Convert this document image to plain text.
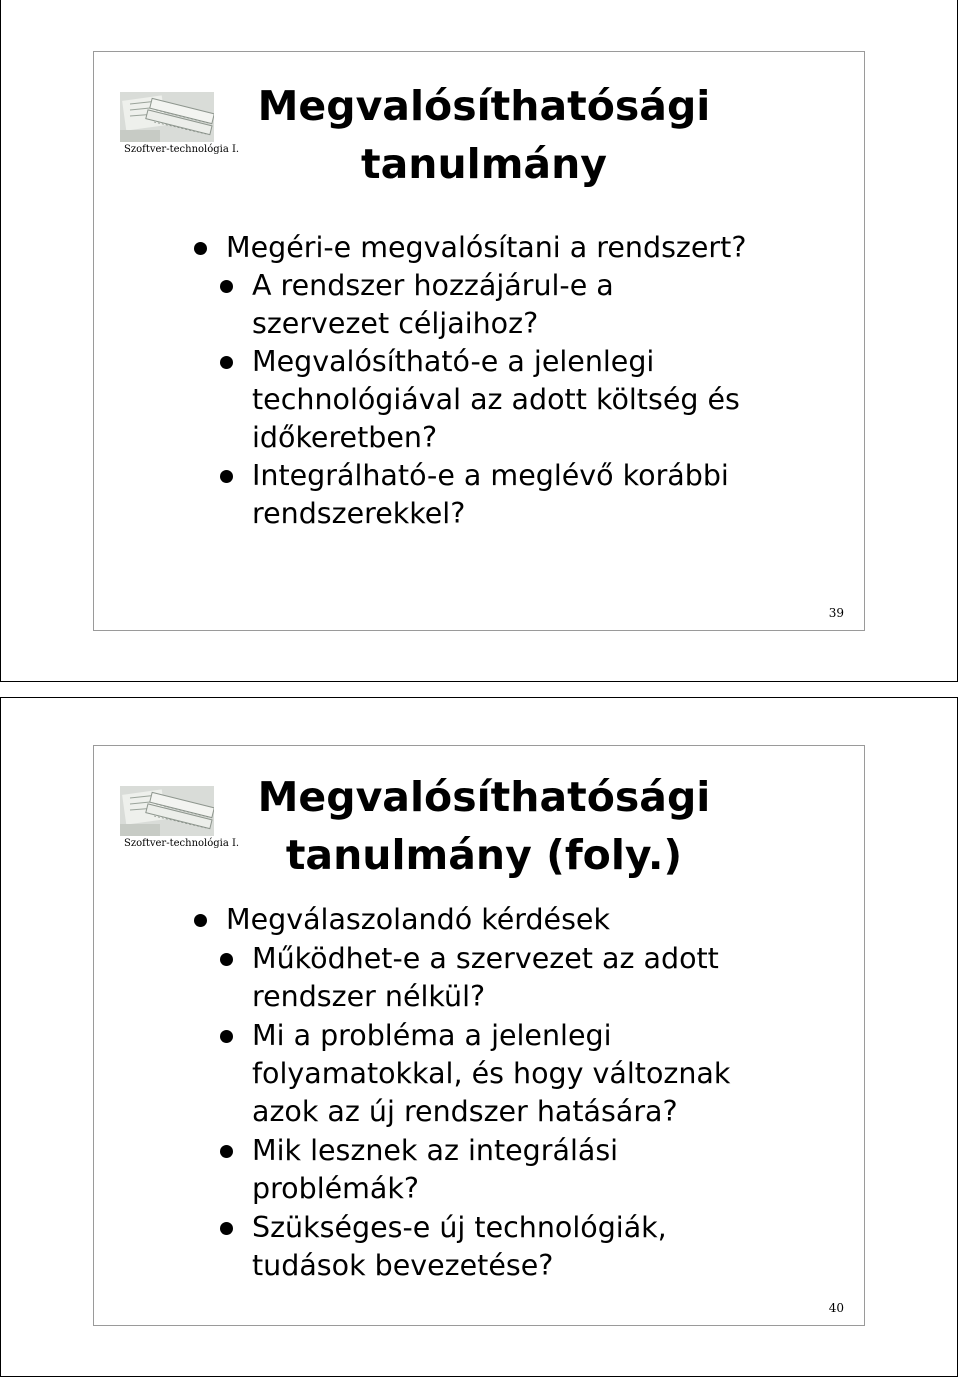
Szoftver-technológia I.
Megvalósíthatósági
tanulmány
Megéri-e megvalósítani a rendszert?
A rendszer hozzájárul-e a
szervezet céljaihoz?
Megvalósítható-e a jelenlegi
technológiával az adott költség és
időkeretben?
Integrálható-e a meglévő korábbi
rendszerekkel?
39
Szoftver-technológia I.
Megvalósíthatósági
tanulmány (foly.)
Megválaszolandó kérdések
Működhet-e a szervezet az adott
rendszer nélkül?
Mi a probléma a jelenlegi
folyamatokkal, és hogy változnak
azok az új rendszer hatására?
Mik lesznek az integrálási
problémák?
Szükséges-e új technológiák,
tudások bevezetése?
40
